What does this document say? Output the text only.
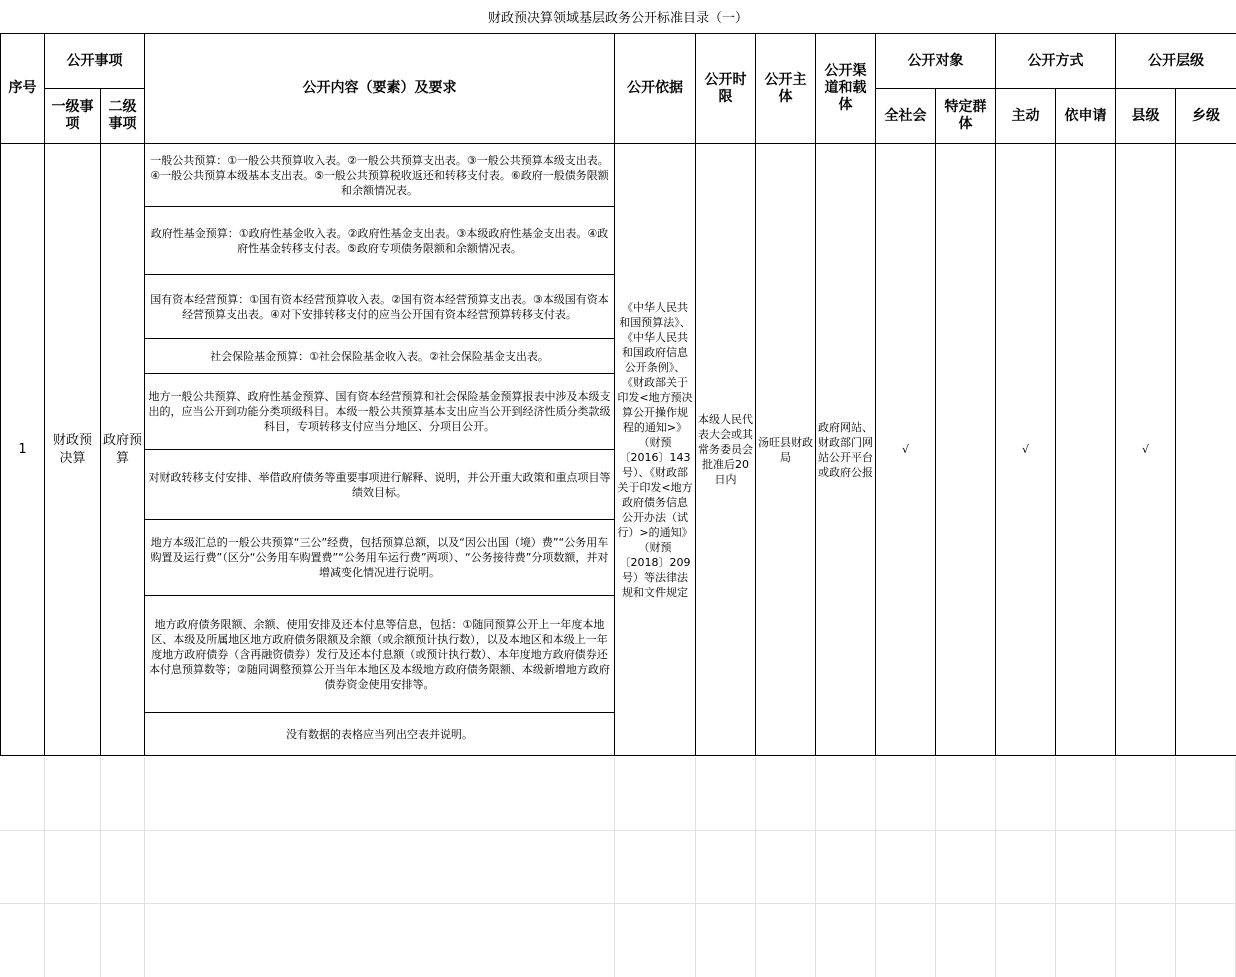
财政预决算领域基层政务公开标准目录（一）
序号	公开事项		公开内容（要素）及要求	公开依据	公开时限	公开主体	公开渠道和载体	公开对象		公开方式		公开层级	
	一级事项	二级事项						全社会	特定群体	主动	依申请	县级	乡级
1	财政预决算	政府预算	一般公共预算：①一般公共预算收入表。②一般公共预算支出表。③一般公共预算本级支出表。④一般公共预算本级基本支出表。⑤一般公共预算税收返还和转移支付表。⑥政府一般债务限额和余额情况表。	《中华人民共和国预算法》、《中华人民共和国政府信息公开条例》、《财政部关于印发<地方预决算公开操作规程的通知>》（财预〔2016〕143号）、《财政部关于印发<地方政府债务信息公开办法（试行）>的通知》（财预〔2018〕209号）等法律法规和文件规定	本级人民代表大会或其常务委员会批准后20日内	汤旺县财政局	政府网站、财政部门网站公开平台或政府公报	√		√		√	
			政府性基金预算：①政府性基金收入表。②政府性基金支出表。③本级政府性基金支出表。④政府性基金转移支付表。⑤政府专项债务限额和余额情况表。										
			国有资本经营预算：①国有资本经营预算收入表。②国有资本经营预算支出表。③本级国有资本经营预算支出表。④对下安排转移支付的应当公开国有资本经营预算转移支付表。										
			社会保险基金预算：①社会保险基金收入表。②社会保险基金支出表。										
			地方一般公共预算、政府性基金预算、国有资本经营预算和社会保险基金预算报表中涉及本级支出的，应当公开到功能分类项级科目。本级一般公共预算基本支出应当公开到经济性质分类款级科目，专项转移支付应当分地区、分项目公开。										
			对财政转移支付安排、举借政府债务等重要事项进行解释、说明，并公开重大政策和重点项目等绩效目标。										
			地方本级汇总的一般公共预算“三公”经费，包括预算总额，以及“因公出国（境）费”“公务用车购置及运行费”（区分“公务用车购置费”“公务用车运行费”两项）、“公务接待费”分项数额，并对增减变化情况进行说明。										
			地方政府债务限额、余额、使用安排及还本付息等信息，包括：①随同预算公开上一年度本地区、本级及所属地区地方政府债务限额及余额（或余额预计执行数），以及本地区和本级上一年度地方政府债券（含再融资债券）发行及还本付息额（或预计执行数）、本年度地方政府债券还本付息预算数等；②随同调整预算公开当年本地区及本级地方政府债务限额、本级新增地方政府债券资金使用安排等。										
			没有数据的表格应当列出空表并说明。										
